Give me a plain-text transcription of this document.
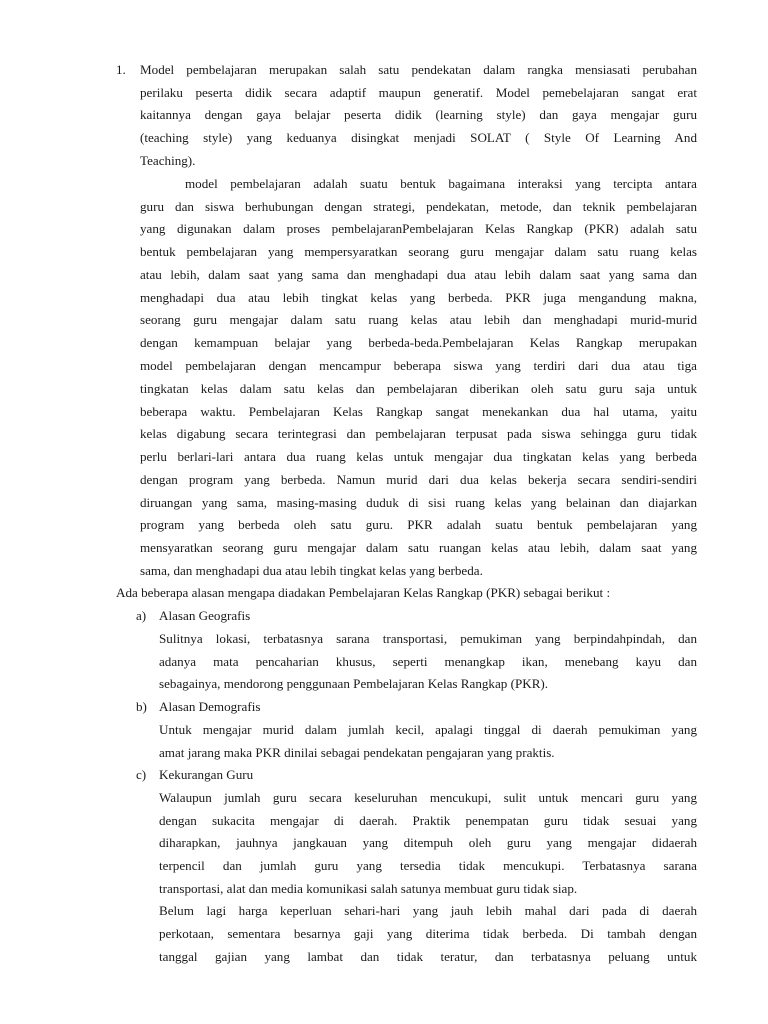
1. Model pembelajaran merupakan salah satu pendekatan dalam rangka mensiasati perubahan
perilaku peserta didik secara adaptif maupun generatif. Model pemebelajaran sangat erat
kaitannya dengan gaya belajar peserta didik (learning style) dan gaya mengajar guru
(teaching style) yang keduanya disingkat menjadi SOLAT ( Style Of Learning And
Teaching).
model pembelajaran adalah suatu bentuk bagaimana interaksi yang tercipta antara
guru dan siswa berhubungan dengan strategi, pendekatan, metode, dan teknik pembelajaran
yang digunakan dalam proses pembelajaranPembelajaran Kelas Rangkap (PKR) adalah satu
bentuk pembelajaran yang mempersyaratkan seorang guru mengajar dalam satu ruang kelas
atau lebih, dalam saat yang sama dan menghadapi dua atau lebih dalam saat yang sama dan
menghadapi dua atau lebih tingkat kelas yang berbeda. PKR juga mengandung makna,
seorang guru mengajar dalam satu ruang kelas atau lebih dan menghadapi murid-murid
dengan kemampuan belajar yang berbeda-beda.Pembelajaran Kelas Rangkap merupakan
model pembelajaran dengan mencampur beberapa siswa yang terdiri dari dua atau tiga
tingkatan kelas dalam satu kelas dan pembelajaran diberikan oleh satu guru saja untuk
beberapa waktu. Pembelajaran Kelas Rangkap sangat menekankan dua hal utama, yaitu
kelas digabung secara terintegrasi dan pembelajaran terpusat pada siswa sehingga guru tidak
perlu berlari-lari antara dua ruang kelas untuk mengajar dua tingkatan kelas yang berbeda
dengan program yang berbeda. Namun murid dari dua kelas bekerja secara sendiri-sendiri
diruangan yang sama, masing-masing duduk di sisi ruang kelas yang belainan dan diajarkan
program yang berbeda oleh satu guru. PKR adalah suatu bentuk pembelajaran yang
mensyaratkan seorang guru mengajar dalam satu ruangan kelas atau lebih, dalam saat yang
sama, dan menghadapi dua atau lebih tingkat kelas yang berbeda.
Ada beberapa alasan mengapa diadakan Pembelajaran Kelas Rangkap (PKR) sebagai berikut :
a) Alasan Geografis
Sulitnya lokasi, terbatasnya sarana transportasi, pemukiman yang berpindahpindah, dan
adanya mata pencaharian khusus, seperti menangkap ikan, menebang kayu dan
sebagainya, mendorong penggunaan Pembelajaran Kelas Rangkap (PKR).
b) Alasan Demografis
Untuk mengajar murid dalam jumlah kecil, apalagi tinggal di daerah pemukiman yang
amat jarang maka PKR dinilai sebagai pendekatan pengajaran yang praktis.
c) Kekurangan Guru
Walaupun jumlah guru secara keseluruhan mencukupi, sulit untuk mencari guru yang
dengan sukacita mengajar di daerah. Praktik penempatan guru tidak sesuai yang
diharapkan, jauhnya jangkauan yang ditempuh oleh guru yang mengajar didaerah
terpencil dan jumlah guru yang tersedia tidak mencukupi. Terbatasnya sarana
transportasi, alat dan media komunikasi salah satunya membuat guru tidak siap.
Belum lagi harga keperluan sehari-hari yang jauh lebih mahal dari pada di daerah
perkotaan, sementara besarnya gaji yang diterima tidak berbeda. Di tambah dengan
tanggal gajian yang lambat dan tidak teratur, dan terbatasnya peluang untuk
